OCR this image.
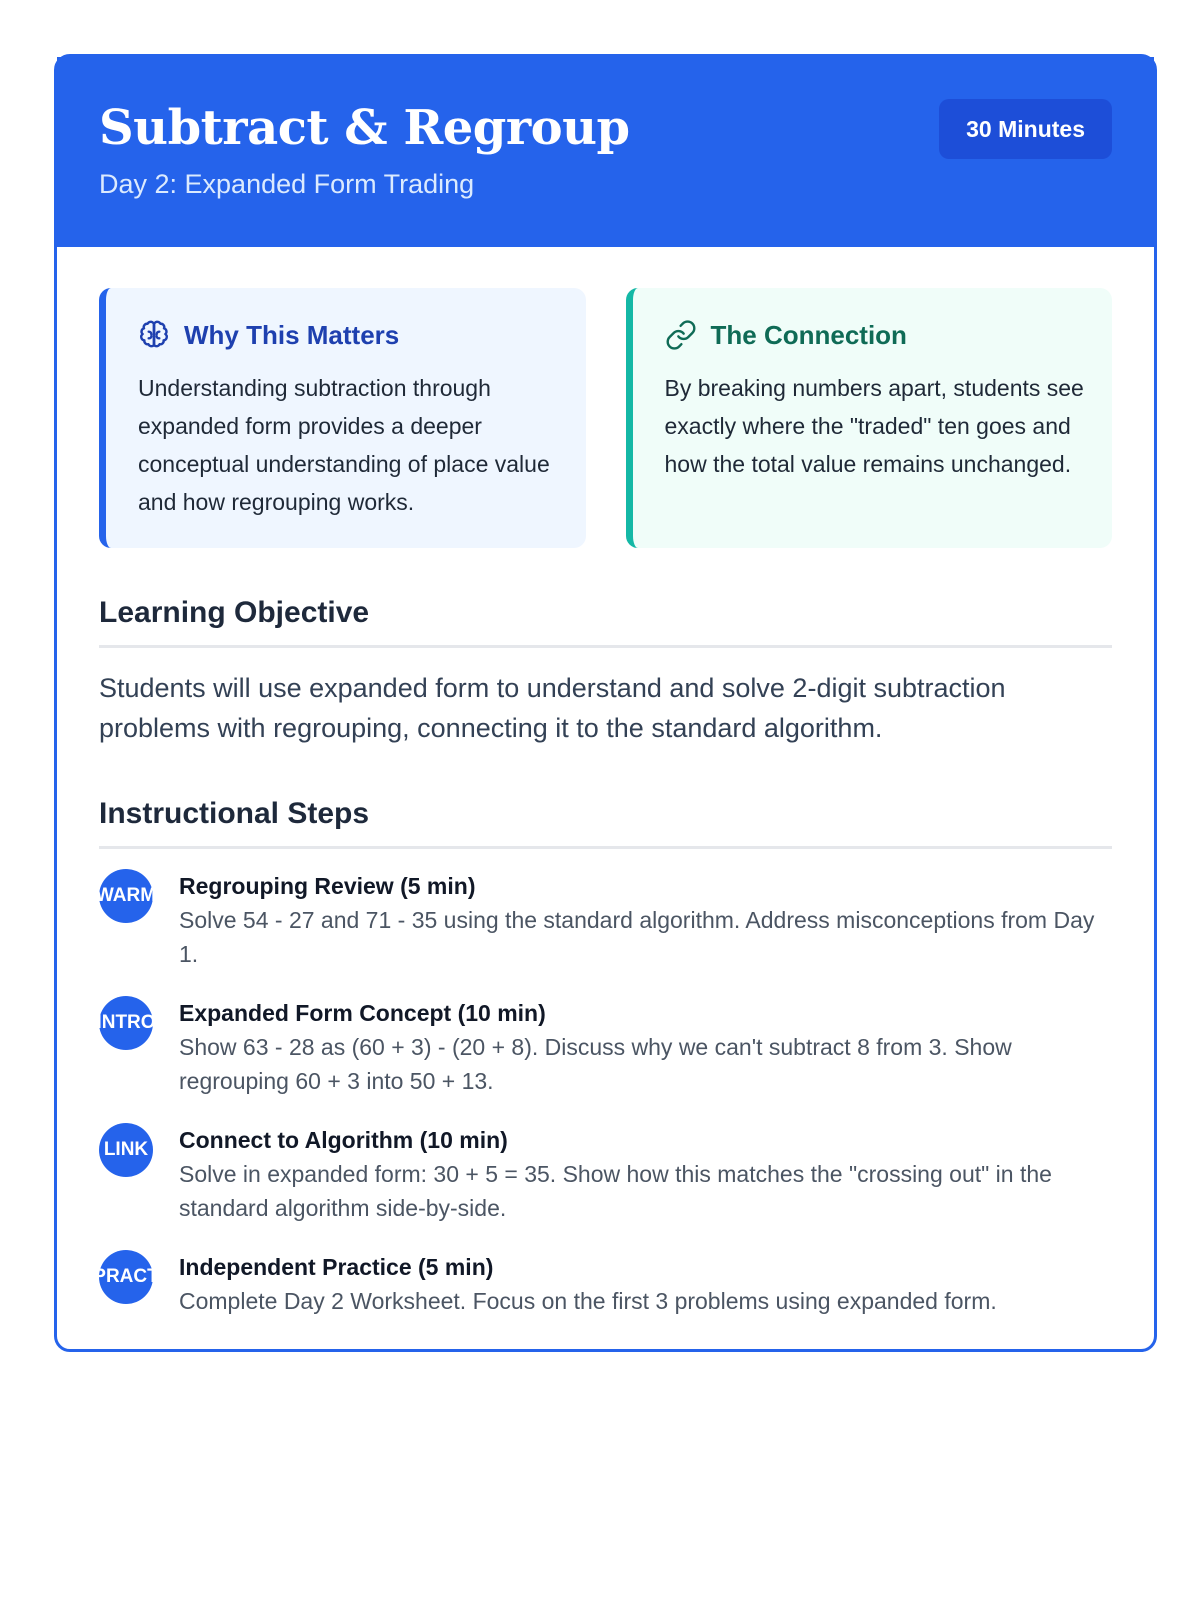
Subtract & Regroup
Day 2: Expanded Form Trading
30 Minutes
Why This Matters
Understanding subtraction through expanded form provides a deeper conceptual understanding of place value and how regrouping works.
The Connection
By breaking numbers apart, students see exactly where the "traded" ten goes and how the total value remains unchanged.
Learning Objective
Students will use expanded form to understand and solve 2-digit subtraction problems with regrouping, connecting it to the standard algorithm.
Instructional Steps
WARM Regrouping Review (5 min)
Solve 54 - 27 and 71 - 35 using the standard algorithm. Address misconceptions from Day 1.
INTRO Expanded Form Concept (10 min)
Show 63 - 28 as (60 + 3) - (20 + 8). Discuss why we can't subtract 8 from 3. Show regrouping 60 + 3 into 50 + 13.
LINK Connect to Algorithm (10 min)
Solve in expanded form: 30 + 5 = 35. Show how this matches the "crossing out" in the standard algorithm side-by-side.
PRACT Independent Practice (5 min)
Complete Day 2 Worksheet. Focus on the first 3 problems using expanded form.
